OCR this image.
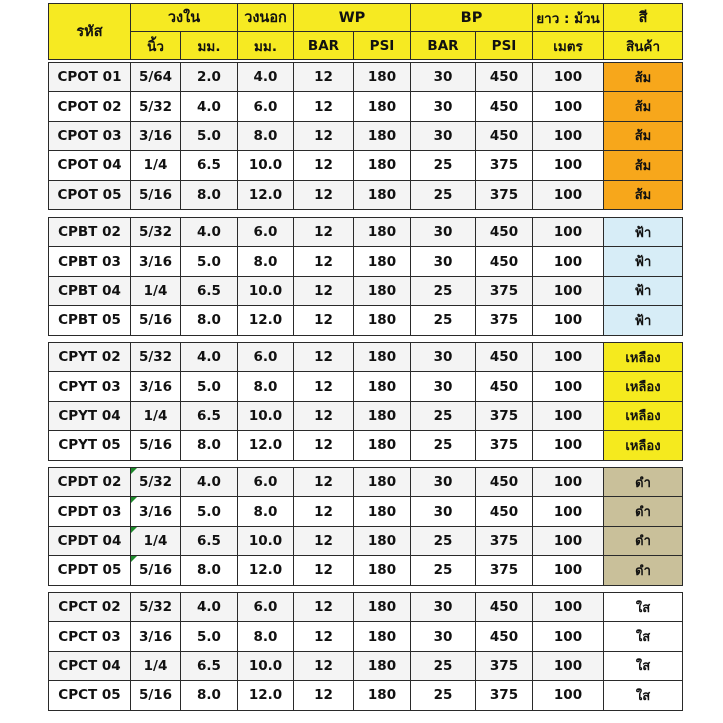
รหัส	วงใน		วงนอก	WP		BP		ยาว : ม้วน	สี
	นิ้ว	มม.	มม.	BAR	PSI	BAR	PSI	เมตร	สินค้า
CPOT 01	5/64	2.0	4.0	12	180	30	450	100	ส้ม
CPOT 02	5/32	4.0	6.0	12	180	30	450	100	ส้ม
CPOT 03	3/16	5.0	8.0	12	180	30	450	100	ส้ม
CPOT 04	1/4	6.5	10.0	12	180	25	375	100	ส้ม
CPOT 05	5/16	8.0	12.0	12	180	25	375	100	ส้ม
CPBT 02	5/32	4.0	6.0	12	180	30	450	100	ฟ้า
CPBT 03	3/16	5.0	8.0	12	180	30	450	100	ฟ้า
CPBT 04	1/4	6.5	10.0	12	180	25	375	100	ฟ้า
CPBT 05	5/16	8.0	12.0	12	180	25	375	100	ฟ้า
CPYT 02	5/32	4.0	6.0	12	180	30	450	100	เหลือง
CPYT 03	3/16	5.0	8.0	12	180	30	450	100	เหลือง
CPYT 04	1/4	6.5	10.0	12	180	25	375	100	เหลือง
CPYT 05	5/16	8.0	12.0	12	180	25	375	100	เหลือง
CPDT 02	5/32	4.0	6.0	12	180	30	450	100	ดำ
CPDT 03	3/16	5.0	8.0	12	180	30	450	100	ดำ
CPDT 04	1/4	6.5	10.0	12	180	25	375	100	ดำ
CPDT 05	5/16	8.0	12.0	12	180	25	375	100	ดำ
CPCT 02	5/32	4.0	6.0	12	180	30	450	100	ใส
CPCT 03	3/16	5.0	8.0	12	180	30	450	100	ใส
CPCT 04	1/4	6.5	10.0	12	180	25	375	100	ใส
CPCT 05	5/16	8.0	12.0	12	180	25	375	100	ใส
